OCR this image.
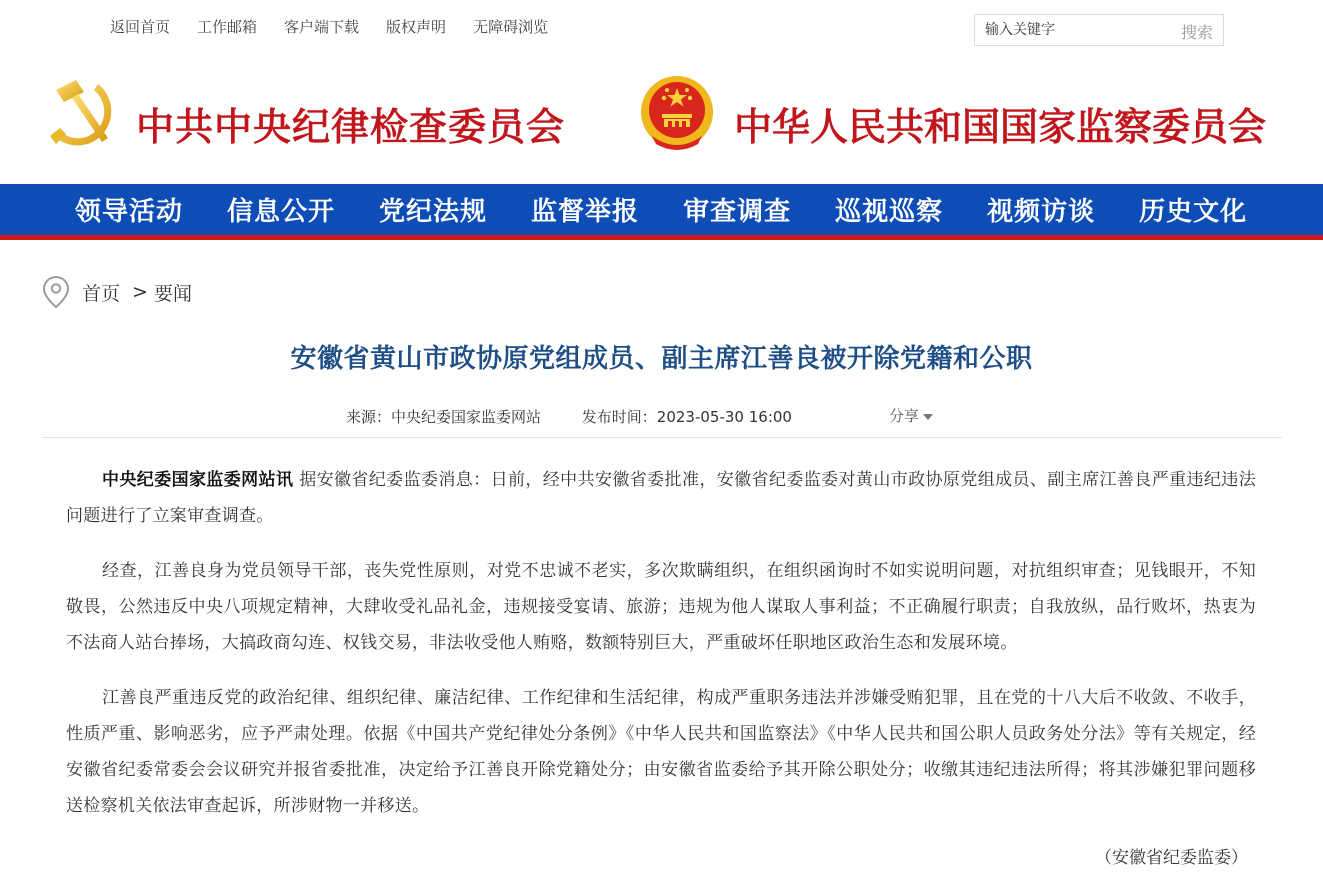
返回首页 工作邮箱 客户端下载 版权声明 无障碍浏览
输入关键字	搜索
中共中央纪律检查委员会	中华人民共和国国家监察委员会
领导活动 信息公开 党纪法规 监督举报 审查调查 巡视巡察 视频访谈 历史文化
首页 > 要闻
安徽省黄山市政协原党组成员、副主席江善良被开除党籍和公职
来源：中央纪委国家监委网站	发布时间：2023-05-30 16:00	分享

中央纪委国家监委网站讯 据安徽省纪委监委消息：日前，经中共安徽省委批准，安徽省纪委监委对黄山市政协原党组成员、副主席江善良严重违纪违法问题进行了立案审查调查。

经查，江善良身为党员领导干部，丧失党性原则，对党不忠诚不老实，多次欺瞒组织，在组织函询时不如实说明问题，对抗组织审查；见钱眼开，不知敬畏，公然违反中央八项规定精神，大肆收受礼品礼金，违规接受宴请、旅游；违规为他人谋取人事利益；不正确履行职责；自我放纵，品行败坏，热衷为不法商人站台捧场，大搞政商勾连、权钱交易，非法收受他人贿赂，数额特别巨大，严重破坏任职地区政治生态和发展环境。

江善良严重违反党的政治纪律、组织纪律、廉洁纪律、工作纪律和生活纪律，构成严重职务违法并涉嫌受贿犯罪，且在党的十八大后不收敛、不收手，性质严重、影响恶劣，应予严肃处理。依据《中国共产党纪律处分条例》《中华人民共和国监察法》《中华人民共和国公职人员政务处分法》等有关规定，经安徽省纪委常委会会议研究并报省委批准，决定给予江善良开除党籍处分；由安徽省监委给予其开除公职处分；收缴其违纪违法所得；将其涉嫌犯罪问题移送检察机关依法审查起诉，所涉财物一并移送。

（安徽省纪委监委）
